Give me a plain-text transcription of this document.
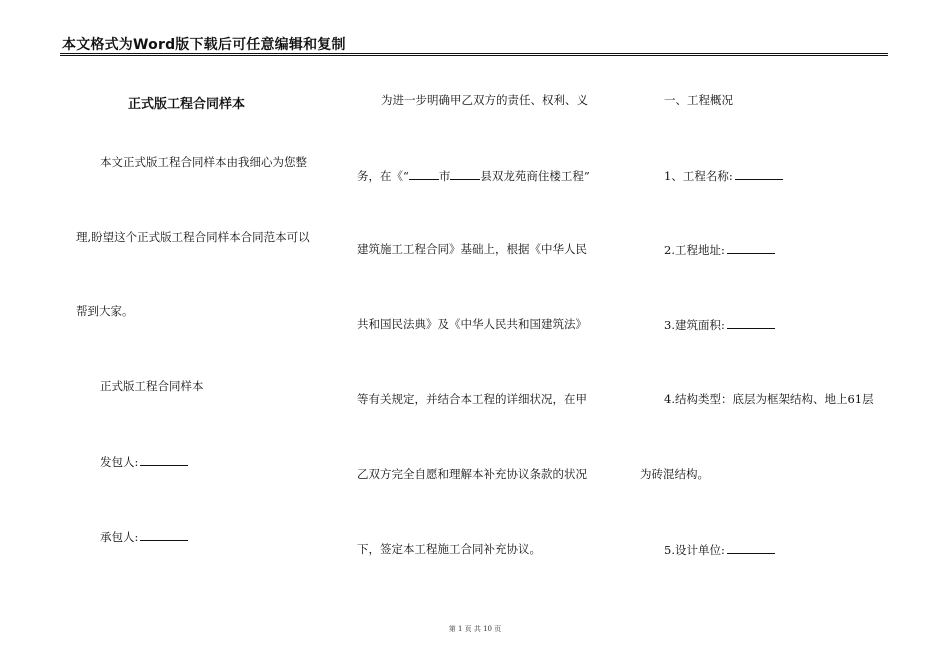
本文格式为Word版下载后可任意编辑和复制
正式版工程合同样本
本文正式版工程合同样本由我细心为您整
理,盼望这个正式版工程合同样本合同范本可以
帮到大家。
正式版工程合同样本
发包人:
承包人:
为进一步明确甲乙双方的责任、权利、义
务，在《“	市	县双龙苑商住楼工程”
建筑施工工程合同》基础上，根据《中华人民
共和国民法典》及《中华人民共和国建筑法》
等有关规定，并结合本工程的详细状况，在甲
乙双方完全自愿和理解本补充协议条款的状况
下，签定本工程施工合同补充协议。
一、工程概况
1、工程名称:
2.工程地址:
3.建筑面积:
4.结构类型：底层为框架结构、地上61层
为砖混结构。
5.设计单位:
第 1 页 共 10 页
